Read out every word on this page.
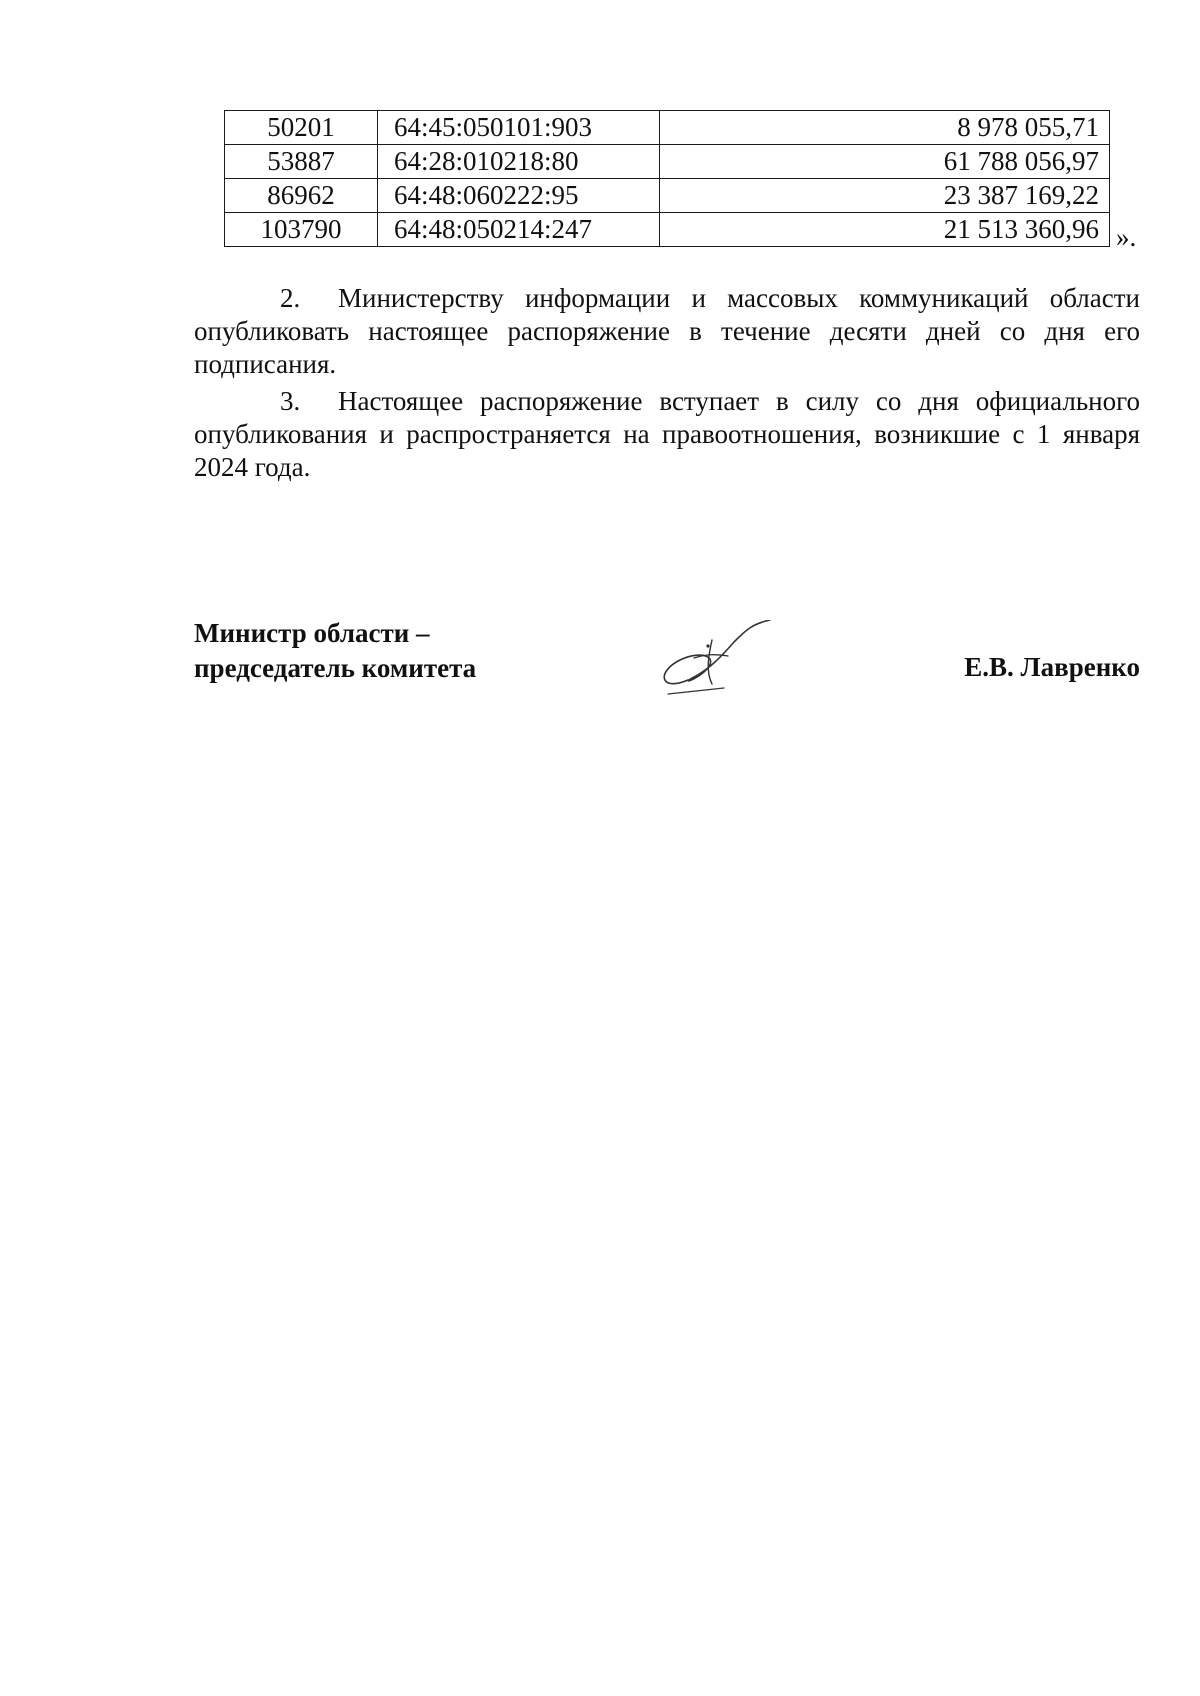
50201	64:45:050101:903	8 978 055,71
53887	64:28:010218:80	61 788 056,97
86962	64:48:060222:95	23 387 169,22
103790	64:48:050214:247	21 513 360,96 ».

2. Министерству информации и массовых коммуникаций области опубликовать настоящее распоряжение в течение десяти дней со дня его подписания.

3. Настоящее распоряжение вступает в силу со дня официального опубликования и распространяется на правоотношения, возникшие с 1 января 2024 года.

Министр области –
председатель комитета	Е.В. Лавренко
